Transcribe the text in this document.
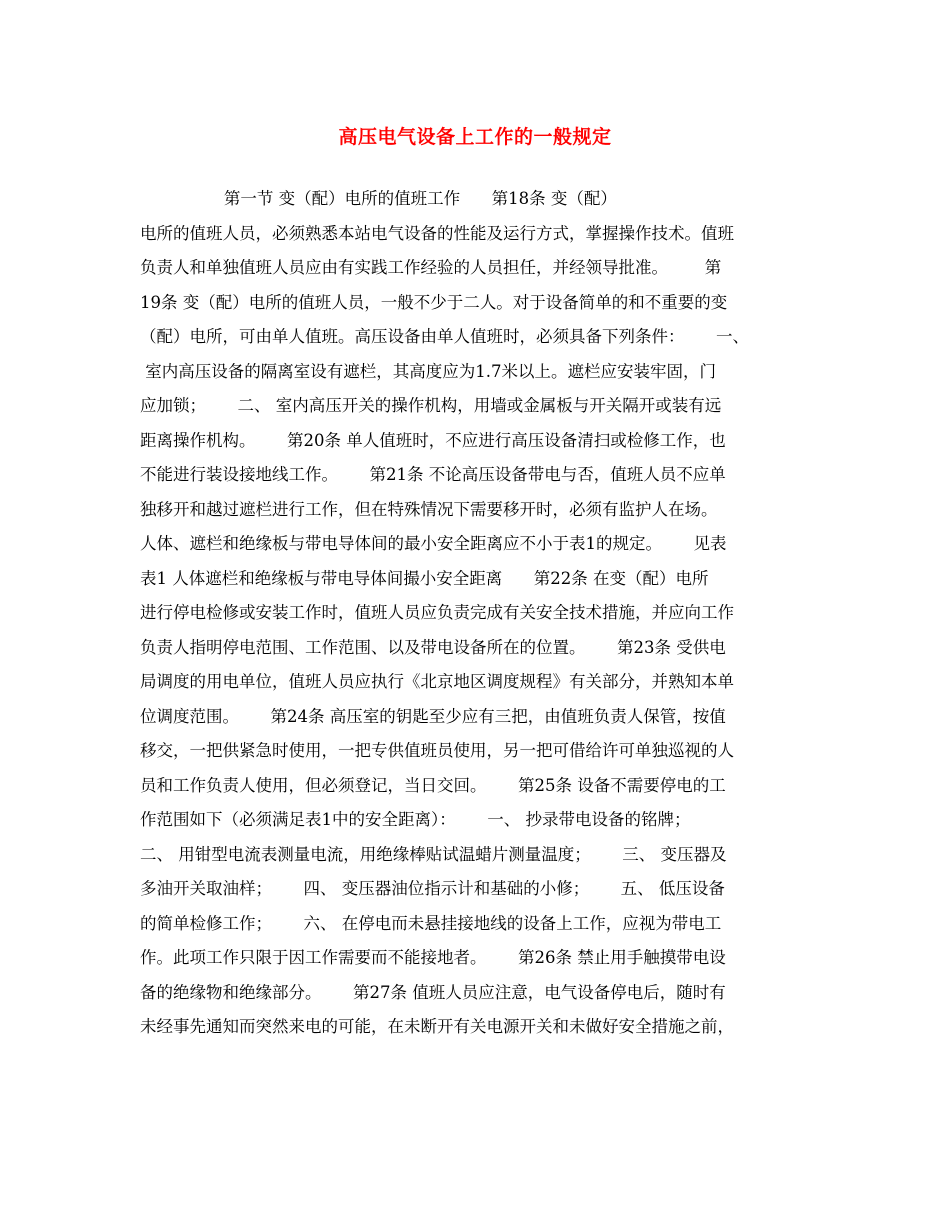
高压电气设备上工作的一般规定
第一节 变（配）电所的值班工作      第18条 变（配）
电所的值班人员，必须熟悉本站电气设备的性能及运行方式，掌握操作技术。值班
负责人和单独值班人员应由有实践工作经验的人员担任，并经领导批准。       第
19条 变（配）电所的值班人员，一般不少于二人。对于设备简单的和不重要的变
（配）电所，可由单人值班。高压设备由单人值班时，必须具备下列条件：      一、
室内高压设备的隔离室设有遮栏，其高度应为1.7米以上。遮栏应安装牢固，门
应加锁；      二、 室内高压开关的操作机构，用墙或金属板与开关隔开或装有远
距离操作机构。      第20条 单人值班时，不应进行高压设备清扫或检修工作，也
不能进行装设接地线工作。      第21条 不论高压设备带电与否，值班人员不应单
独移开和越过遮栏进行工作，但在特殊情况下需要移开时，必须有监护人在场。
人体、遮栏和绝缘板与带电导体间的最小安全距离应不小于表1的规定。      见表
表1 人体遮栏和绝缘板与带电导体间撮小安全距离      第22条 在变（配）电所
进行停电检修或安装工作时，值班人员应负责完成有关安全技术措施，并应向工作
负责人指明停电范围、工作范围、以及带电设备所在的位置。      第23条 受供电
局调度的用电单位，值班人员应执行《北京地区调度规程》有关部分，并熟知本单
位调度范围。      第24条 高压室的钥匙至少应有三把，由值班负责人保管，按值
移交，一把供紧急时使用，一把专供值班员使用，另一把可借给许可单独巡视的人
员和工作负责人使用，但必须登记，当日交回。      第25条 设备不需要停电的工
作范围如下（必须满足表1中的安全距离）：      一、 抄录带电设备的铭牌；
二、 用钳型电流表测量电流，用绝缘棒贴试温蜡片测量温度；      三、 变压器及
多油开关取油样；      四、 变压器油位指示计和基础的小修；      五、 低压设备
的简单检修工作；      六、 在停电而未悬挂接地线的设备上工作，应视为带电工
作。此项工作只限于因工作需要而不能接地者。      第26条 禁止用手触摸带电设
备的绝缘物和绝缘部分。      第27条 值班人员应注意，电气设备停电后，随时有
未经事先通知而突然来电的可能，在未断开有关电源开关和未做好安全措施之前，
